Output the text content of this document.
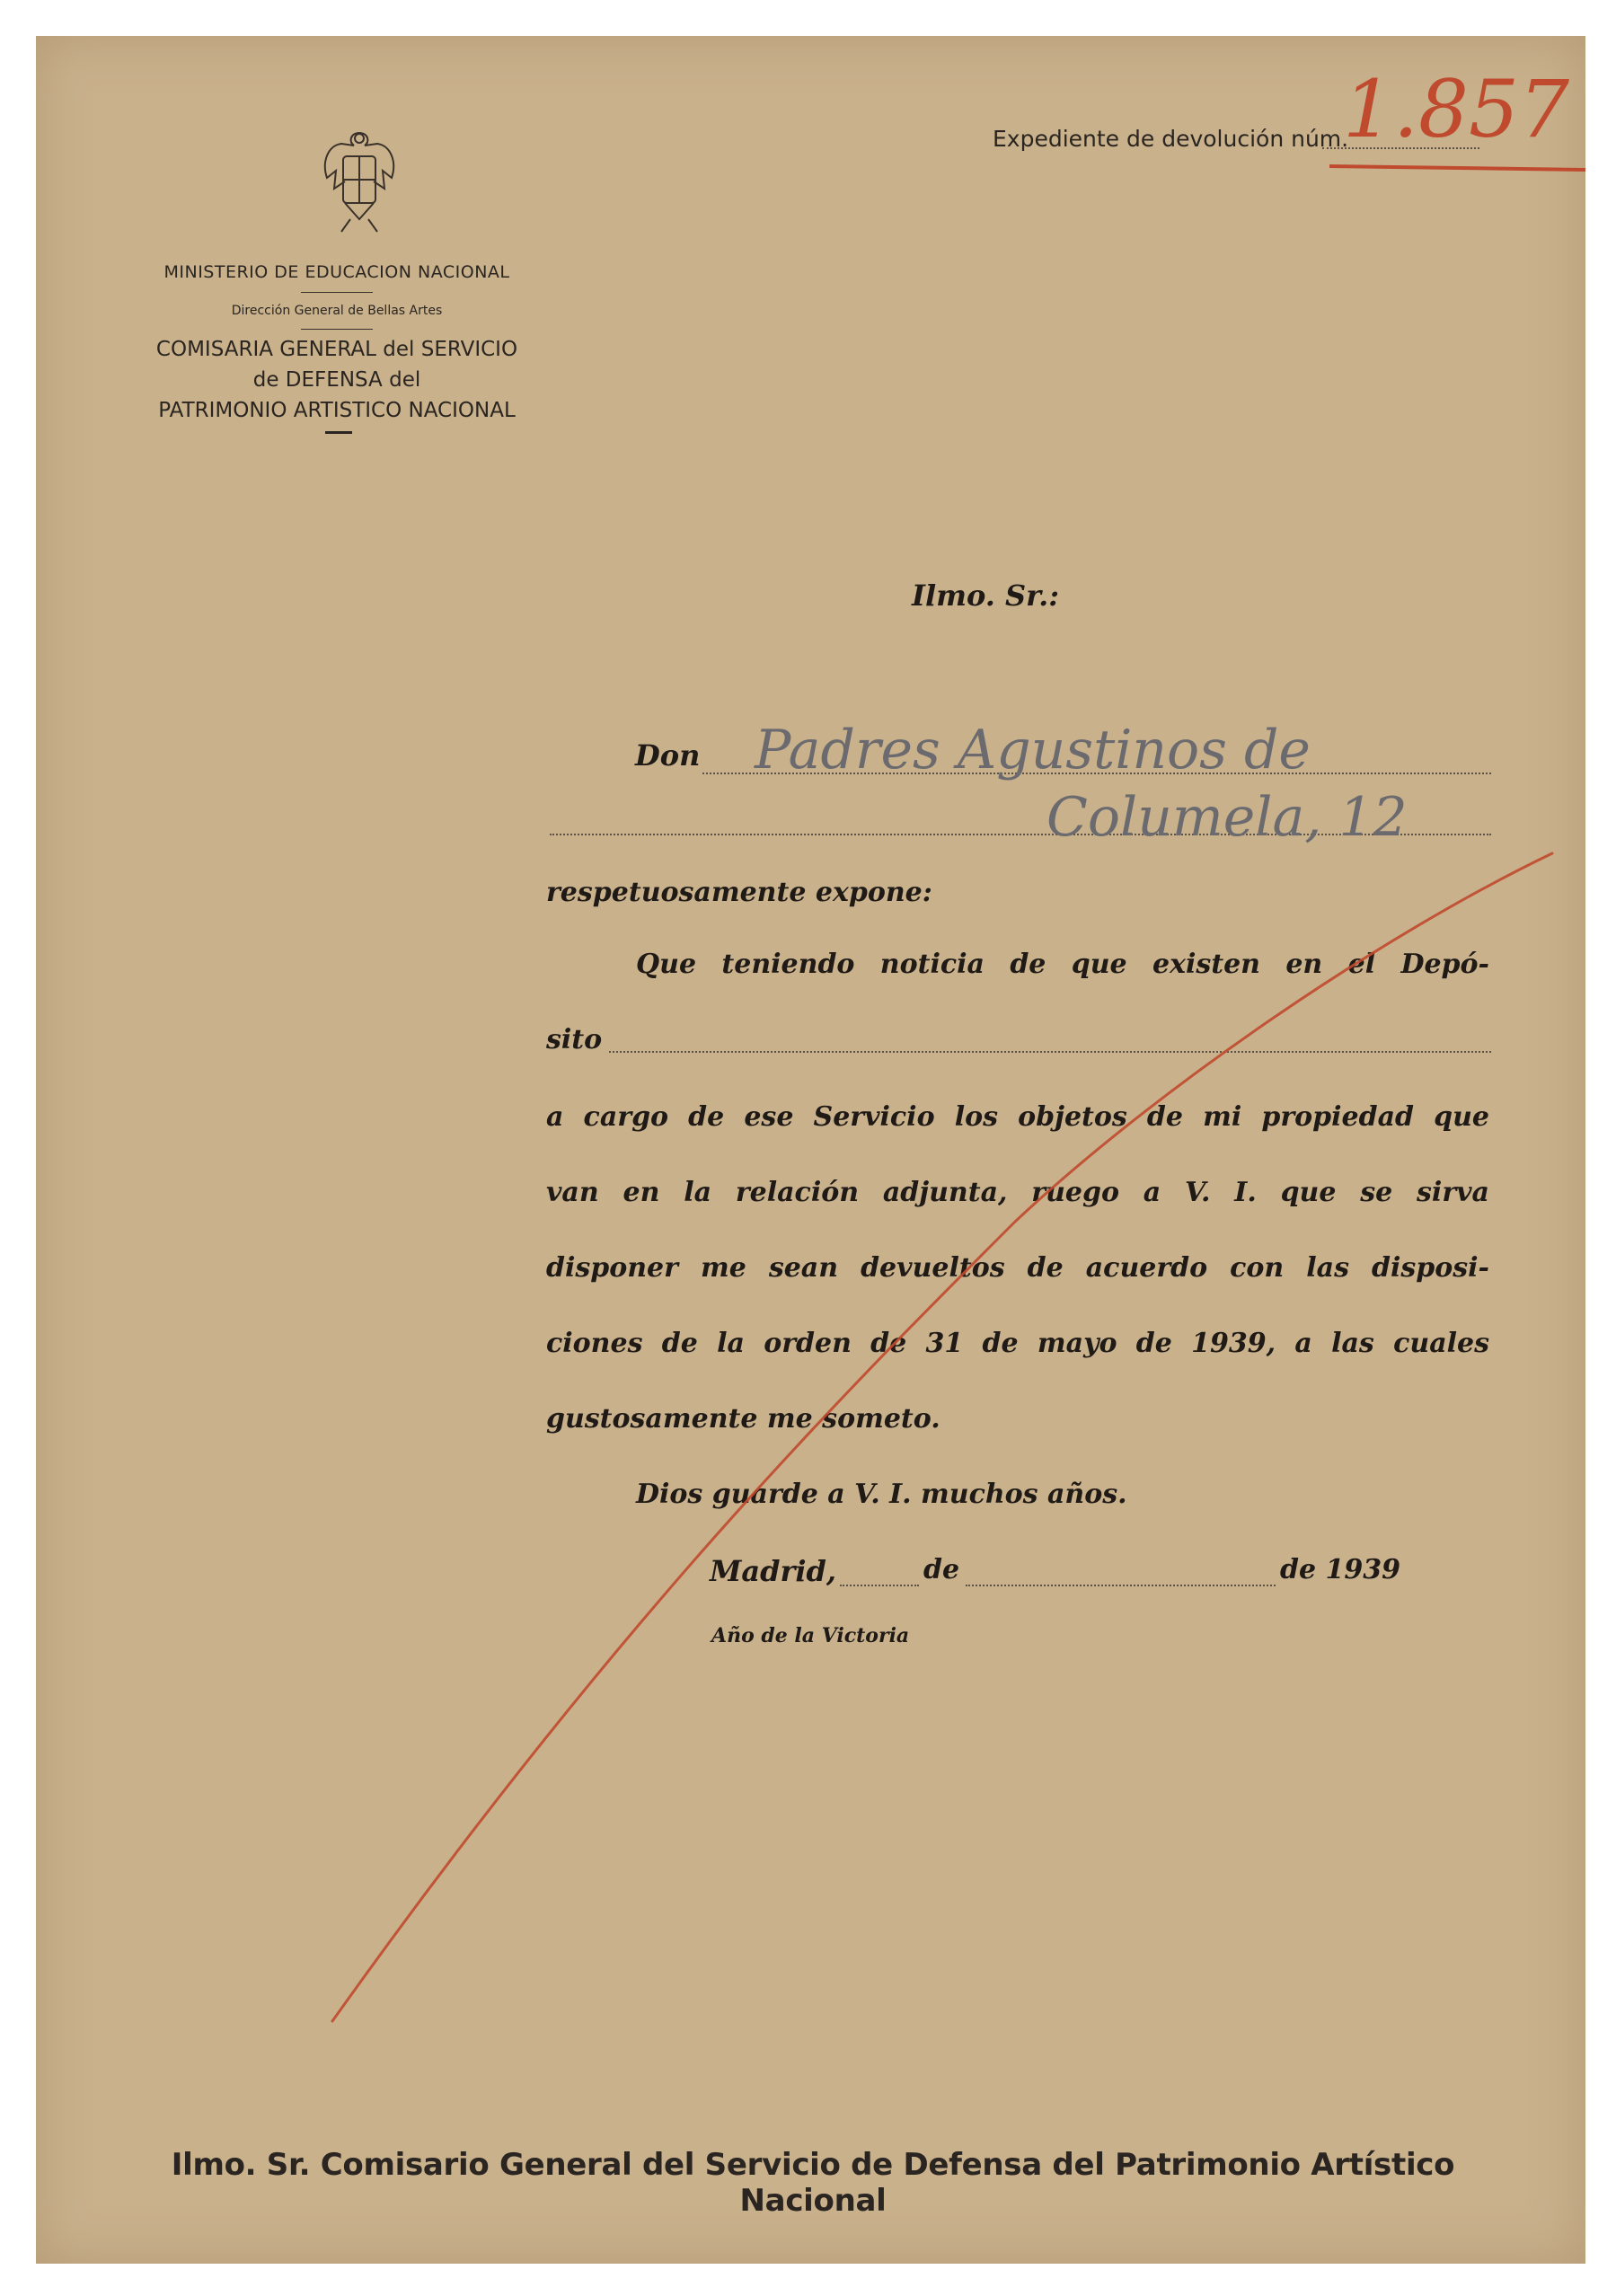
MINISTERIO DE EDUCACION NACIONAL
Dirección General de Bellas Artes
COMISARIA GENERAL del SERVICIO
de DEFENSA del
PATRIMONIO ARTISTICO NACIONAL
Expediente de devolución núm.
1.857
Ilmo. Sr.:
Don Padres Agustinos de
Columela, 12
respetuosamente expone:
Que teniendo noticia de que existen en el Depó-
sito
a cargo de ese Servicio los objetos de mi propiedad que
van en la relación adjunta, ruego a V. I. que se sirva
disponer me sean devueltos de acuerdo con las disposi-
ciones de la orden de 31 de mayo de 1939, a las cuales
gustosamente me someto.
Dios guarde a V. I. muchos años.
Madrid,	de	de 1939
Año de la Victoria
Ilmo. Sr. Comisario General del Servicio de Defensa del Patrimonio Artístico Nacional
